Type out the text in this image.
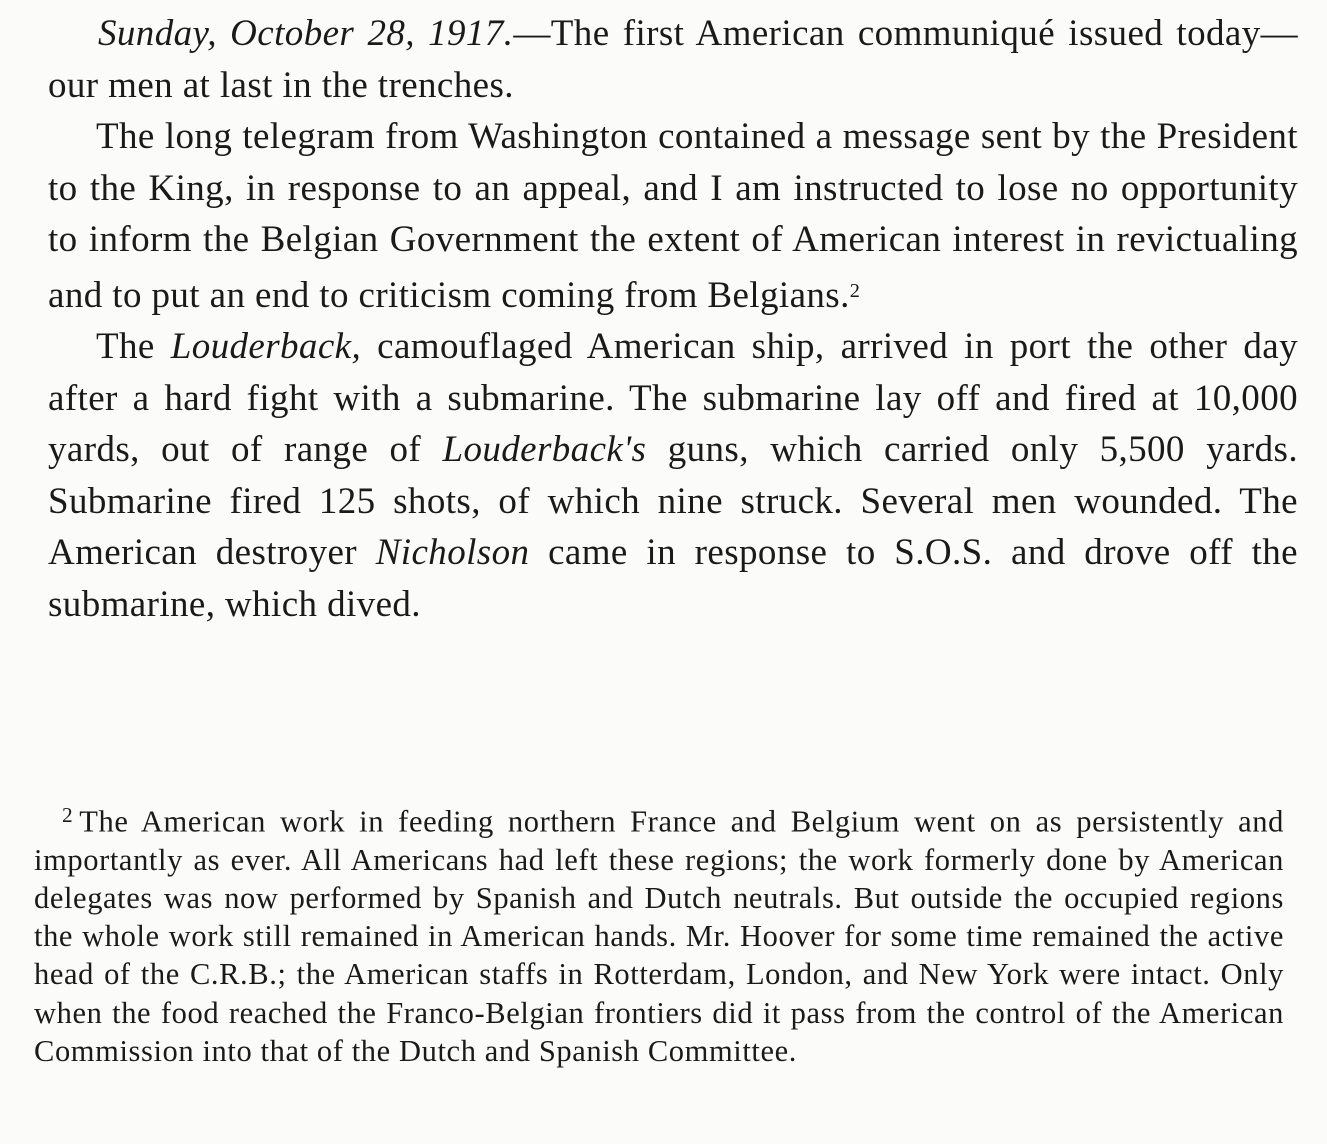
Sunday, October 28, 1917.—The first American communiqué issued today—our men at last in the trenches.

The long telegram from Washington contained a message sent by the President to the King, in response to an appeal, and I am instructed to lose no opportunity to inform the Belgian Government the extent of American interest in revictualing and to put an end to criticism coming from Belgians.$^2$

The Louderback, camouflaged American ship, arrived in port the other day after a hard fight with a submarine. The submarine lay off and fired at 10,000 yards, out of range of Louderback's guns, which carried only 5,500 yards. Submarine fired 125 shots, of which nine struck. Several men wounded. The American destroyer Nicholson came in response to S.O.S. and drove off the submarine, which dived.

$^2$ The American work in feeding northern France and Belgium went on as persistently and importantly as ever. All Americans had left these regions; the work formerly done by American delegates was now performed by Spanish and Dutch neutrals. But outside the occupied regions the whole work still remained in American hands. Mr. Hoover for some time remained the active head of the C.R.B.; the American staffs in Rotterdam, London, and New York were intact. Only when the food reached the Franco-Belgian frontiers did it pass from the control of the American Commission into that of the Dutch and Spanish Committee.
